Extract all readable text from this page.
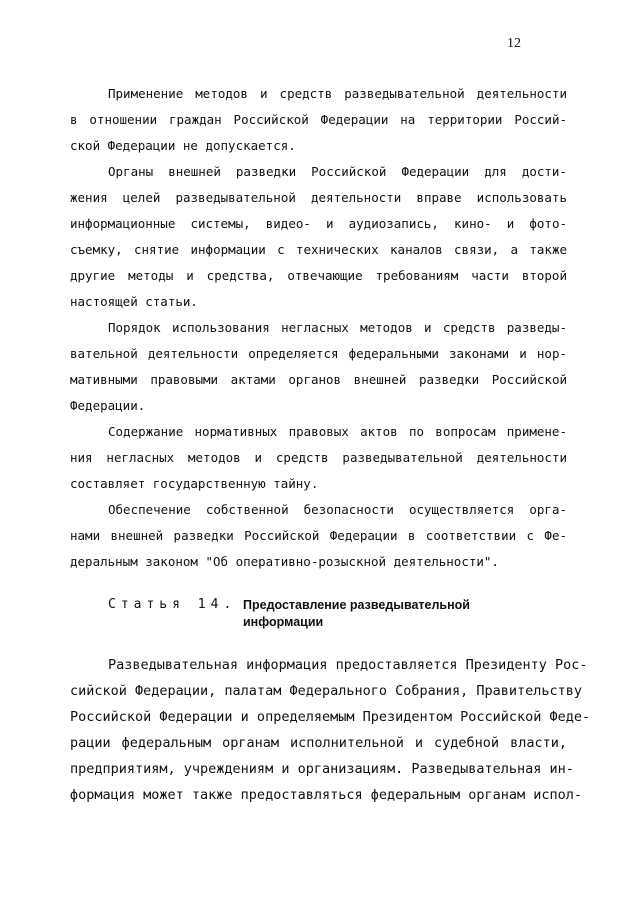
12
Применение методов и средств разведывательной деятельности
в отношении граждан Российской Федерации на территории Россий-
ской Федерации не допускается.
Органы внешней разведки Российской Федерации для дости-
жения целей разведывательной деятельности вправе использовать
информационные системы, видео- и аудиозапись, кино- и фото-
съемку, снятие информации с технических каналов связи, а также
другие методы и средства, отвечающие требованиям части второй
настоящей статьи.
Порядок использования негласных методов и средств разведы-
вательной деятельности определяется федеральными законами и нор-
мативными правовыми актами органов внешней разведки Российской
Федерации.
Содержание нормативных правовых актов по вопросам примене-
ния негласных методов и средств разведывательной деятельности
составляет государственную тайну.
Обеспечение собственной безопасности осуществляется орга-
нами внешней разведки Российской Федерации в соответствии с Фе-
деральным законом "Об оперативно-розыскной деятельности".
Статья 14. Предоставление разведывательной
информации
Разведывательная информация предоставляется Президенту Рос-
сийской Федерации, палатам Федерального Собрания, Правительству
Российской Федерации и определяемым Президентом Российской Феде-
рации федеральным органам исполнительной и судебной власти,
предприятиям, учреждениям и организациям. Разведывательная ин-
формация может также предоставляться федеральным органам испол-
